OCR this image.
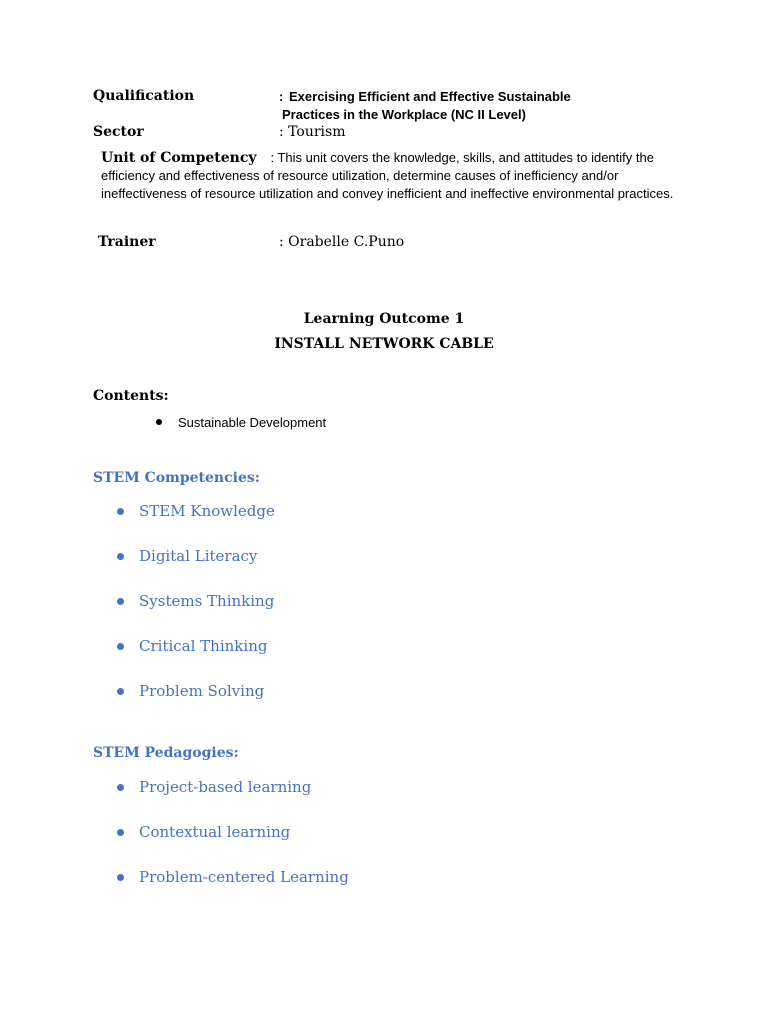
Qualification	: Exercising Efficient and Effective Sustainable
Practices in the Workplace (NC II Level)
Sector	: Tourism
Unit of Competency : This unit covers the knowledge, skills, and attitudes to identify the efficiency and effectiveness of resource utilization, determine causes of inefficiency and/or ineffectiveness of resource utilization and convey inefficient and ineffective environmental practices.
Trainer	: Orabelle C.Puno
Learning Outcome 1
INSTALL NETWORK CABLE
Contents:
Sustainable Development
STEM Competencies:
STEM Knowledge
Digital Literacy
Systems Thinking
Critical Thinking
Problem Solving
STEM Pedagogies:
Project-based learning
Contextual learning
Problem-centered Learning
